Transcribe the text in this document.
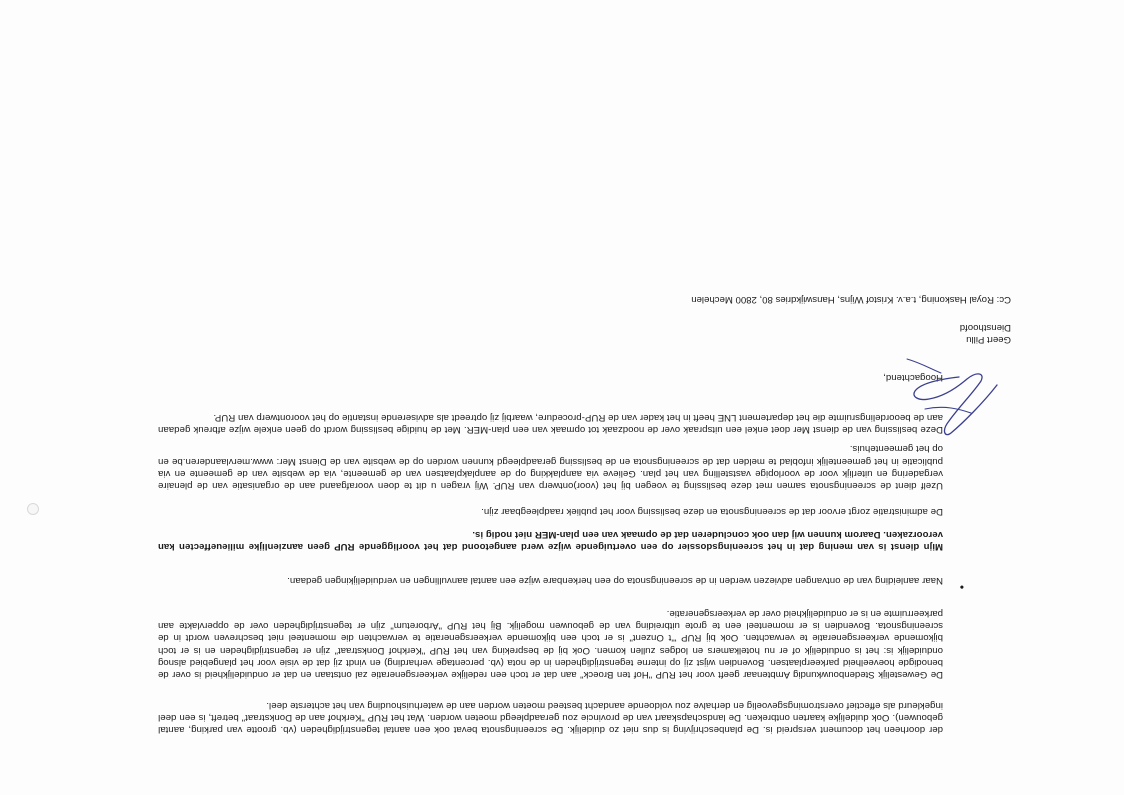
der doorheen het document verspreid is. De planbeschrijving is dus niet zo duidelijk. De screeningsnota bevat ook een aantal tegenstrijdigheden (vb. grootte van parking, aantal gebouwen). Ook duidelijke kaarten ontbreken. De landschapskaart van de provincie zou geraadpleegd moeten worden. Wat het RUP "Kerkhof aan de Donkstraat" betreft, is een deel ingekleurd als effectief overstromingsgevoelig en derhalve zou voldoende aandacht besteed moeten worden aan de waterhuishouding van het achterste deel.
•
De Gewestelijk Stedenbouwkundig Ambtenaar geeft voor het RUP "Hof ten Broeck" aan dat er toch een redelijke verkeersgeneratie zal ontstaan en dat er onduidelijkheid is over de benodigde hoeveelheid parkeerplaatsen. Bovendien wijst zij op interne tegenstrijdigheden in de nota (vb. percentage verharding) en vindt zij dat de visie voor het plangebied alsnog onduidelijk is: het is onduidelijk of er nu hotelkamers en lodges zullen komen. Ook bij de bespreking van het RUP "Kerkhof Donkstraat" zijn er tegenstrijdigheden en is er toch bijkomende verkeersgeneratie te verwachten. Ook bij RUP "'t Onzent" is er toch een bijkomende verkeersgeneratie te verwachten die momenteel niet beschreven wordt in de screeningsnota. Bovendien is er momenteel een te grote uitbreiding van de gebouwen mogelijk. Bij het RUP "Arboretum" zijn er tegenstrijdigheden over de oppervlakte aan parkeerruimte en is er onduidelijkheid over de verkeersgeneratie.
Naar aanleiding van de ontvangen adviezen werden in de screeningsnota op een herkenbare wijze een aantal aanvullingen en verduidelijkingen gedaan.
Mijn dienst is van mening dat in het screeningsdossier op een overtuigende wijze werd aangetoond dat het voorliggende RUP geen aanzienlijke milieueffecten kan veroorzaken. Daarom kunnen wij dan ook concluderen dat de opmaak van een plan-MER niet nodig is.
De administratie zorgt ervoor dat de screeningsnota en deze beslissing voor het publiek raadpleegbaar zijn.
Uzelf dient de screeningsnota samen met deze beslissing te voegen bij het (voor)ontwerp van RUP. Wij vragen u dit te doen voorafgaand aan de organisatie van de plenaire vergadering en uiterlijk voor de voorlopige vaststelling van het plan. Gelieve via aanplakking op de aanplakplaatsen van de gemeente, via de website van de gemeente en via publicatie in het gemeentelijk infoblad te melden dat de screeningsnota en de beslissing geraadpleegd kunnen worden op de website van de Dienst Mer: www.mervlaanderen.be en op het gemeentehuis.
Deze beslissing van de dienst Mer doet enkel een uitspraak over de noodzaak tot opmaak van een plan-MER. Met de huidige beslissing wordt op geen enkele wijze afbreuk gedaan aan de beoordelingsruimte die het departement LNE heeft in het kader van de RUP-procedure, waarbij zij optreedt als adviserende instantie op het voorontwerp van RUP.
Hoogachtend,
Geert Pillu
Diensthoofd
Cc: Royal Haskoning, t.a.v. Kristof Wijns, Hanswijkdries 80, 2800 Mechelen
